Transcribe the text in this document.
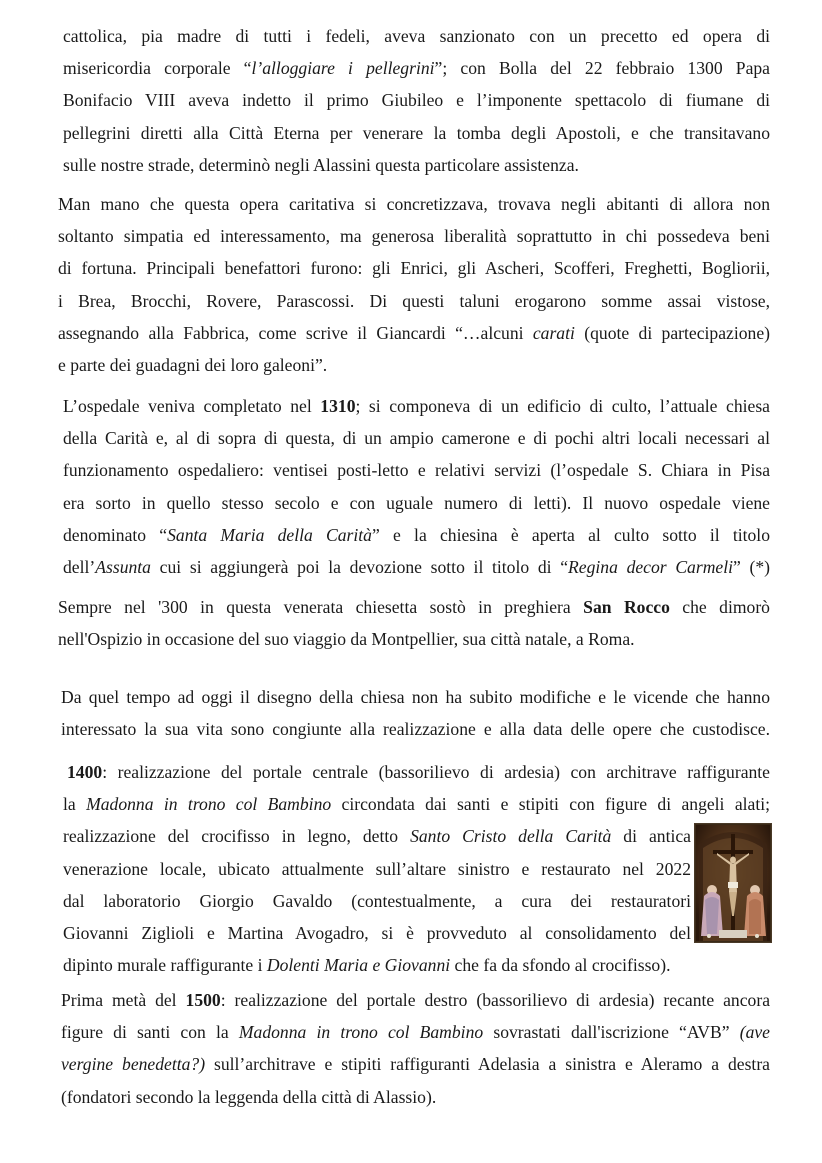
cattolica, pia madre di tutti i fedeli, aveva sanzionato con un precetto ed opera di
misericordia corporale “l’alloggiare i pellegrini”; con Bolla del 22 febbraio 1300 Papa
Bonifacio VIII aveva indetto il primo Giubileo e l’imponente spettacolo di fiumane di
pellegrini diretti alla Città Eterna per venerare la tomba degli Apostoli, e che transitavano
sulle nostre strade, determinò negli Alassini questa particolare assistenza.
Man mano che questa opera caritativa si concretizzava, trovava negli abitanti di allora non
soltanto simpatia ed interessamento, ma generosa liberalità soprattutto in chi possedeva beni
di fortuna. Principali benefattori furono: gli Enrici, gli Ascheri, Scofferi, Freghetti, Bogliorii,
i Brea, Brocchi, Rovere, Parascossi. Di questi taluni erogarono somme assai vistose,
assegnando alla Fabbrica, come scrive il Giancardi “…alcuni carati (quote di partecipazione)
e parte dei guadagni dei loro galeoni”.
L’ospedale veniva completato nel 1310; si componeva di un edificio di culto, l’attuale chiesa
della Carità e, al di sopra di questa, di un ampio camerone e di pochi altri locali necessari al
funzionamento ospedaliero: ventisei posti-letto e relativi servizi (l’ospedale S. Chiara in Pisa
era sorto in quello stesso secolo e con uguale numero di letti). Il nuovo ospedale viene
denominato “Santa Maria della Carità” e la chiesina è aperta al culto sotto il titolo
dell’Assunta cui si aggiungerà poi la devozione sotto il titolo di “Regina decor Carmeli” (*)
Sempre nel '300 in questa venerata chiesetta sostò in preghiera San Rocco che dimorò
nell'Ospizio in occasione del suo viaggio da Montpellier, sua città natale, a Roma.
Da quel tempo ad oggi il disegno della chiesa non ha subito modifiche e le vicende che hanno
interessato la sua vita sono congiunte alla realizzazione e alla data delle opere che custodisce.
1400: realizzazione del portale centrale (bassorilievo di ardesia) con architrave raffigurante
la Madonna in trono col Bambino circondata dai santi e stipiti con figure di angeli alati;
realizzazione del crocifisso in legno, detto Santo Cristo della Carità di antica
venerazione locale, ubicato attualmente sull’altare sinistro e restaurato nel 2022
dal laboratorio Giorgio Gavaldo (contestualmente, a cura dei restauratori
Giovanni Ziglioli e Martina Avogadro, si è provveduto al consolidamento del
dipinto murale raffigurante i Dolenti Maria e Giovanni che fa da sfondo al crocifisso).
Prima metà del 1500: realizzazione del portale destro (bassorilievo di ardesia) recante ancora
figure di santi con la Madonna in trono col Bambino sovrastati dall'iscrizione “AVB” (ave
vergine benedetta?) sull’architrave e stipiti raffiguranti Adelasia a sinistra e Aleramo a destra
(fondatori secondo la leggenda della città di Alassio).
